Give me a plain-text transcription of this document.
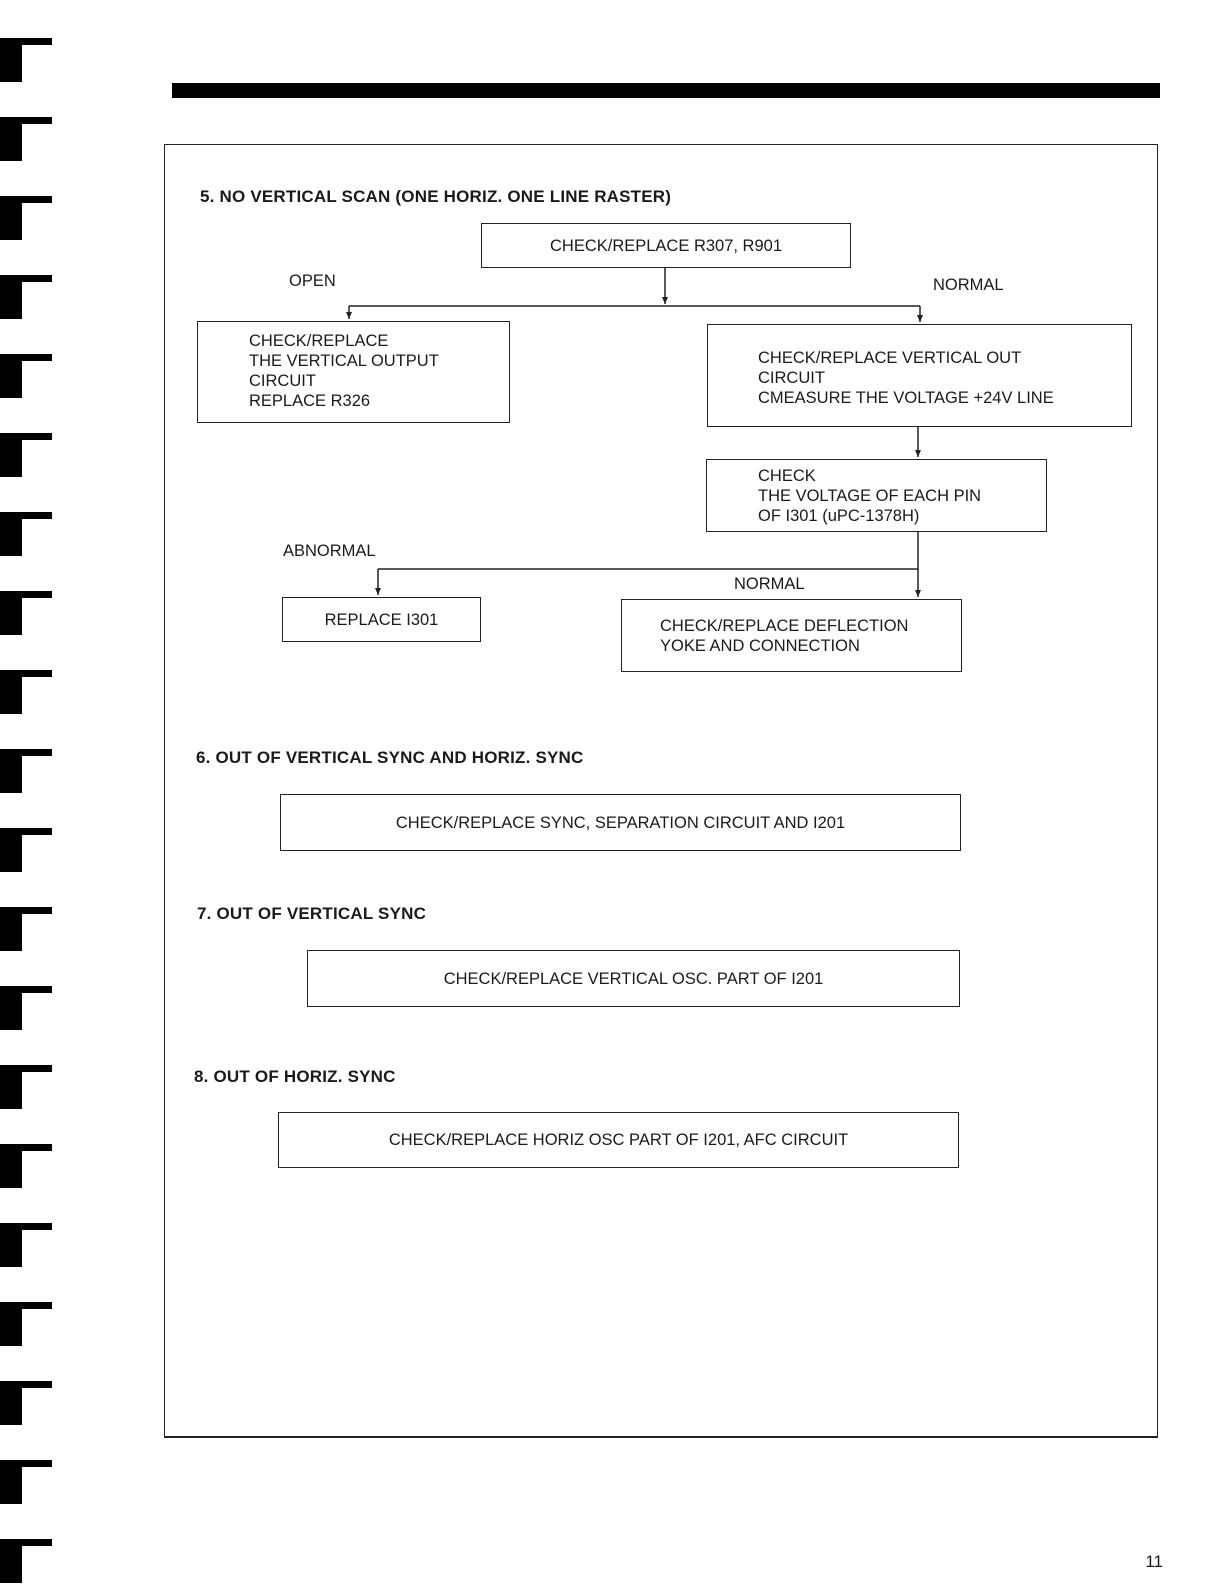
5. NO VERTICAL SCAN (ONE HORIZ. ONE LINE RASTER)
CHECK/REPLACE R307, R901
OPEN	NORMAL
CHECK/REPLACE
THE VERTICAL OUTPUT
CIRCUIT
REPLACE R326
CHECK/REPLACE VERTICAL OUT
CIRCUIT
CMEASURE THE VOLTAGE +24V LINE
CHECK
THE VOLTAGE OF EACH PIN
OF I301 (uPC-1378H)
ABNORMAL
NORMAL
REPLACE I301	CHECK/REPLACE DEFLECTION
YOKE AND CONNECTION
6. OUT OF VERTICAL SYNC AND HORIZ. SYNC
CHECK/REPLACE SYNC, SEPARATION CIRCUIT AND I201
7. OUT OF VERTICAL SYNC
CHECK/REPLACE VERTICAL OSC. PART OF I201
8. OUT OF HORIZ. SYNC
CHECK/REPLACE HORIZ OSC PART OF I201, AFC CIRCUIT
11
